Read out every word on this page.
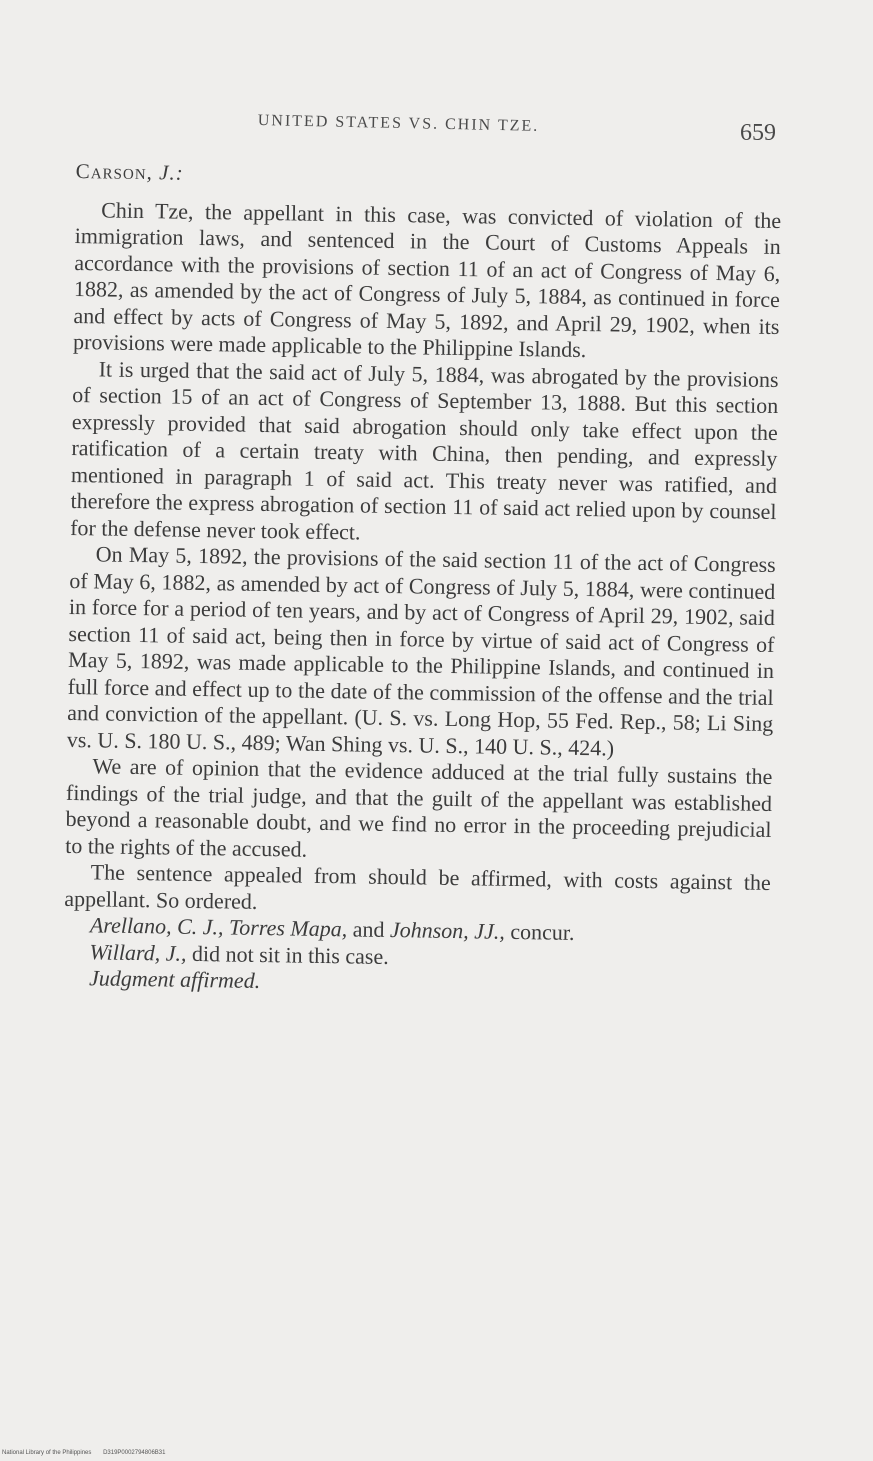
UNITED STATES VS. CHIN TZE.	659
Carson, J.:

Chin Tze, the appellant in this case, was convicted of violation of the immigration laws, and sentenced in the Court of Customs Appeals in accordance with the provisions of section 11 of an act of Congress of May 6, 1882, as amended by the act of Congress of July 5, 1884, as continued in force and effect by acts of Congress of May 5, 1892, and April 29, 1902, when its provisions were made applicable to the Philippine Islands.

It is urged that the said act of July 5, 1884, was abrogated by the provisions of section 15 of an act of Congress of September 13, 1888. But this section expressly provided that said abrogation should only take effect upon the ratification of a certain treaty with China, then pending, and expressly mentioned in paragraph 1 of said act. This treaty never was ratified, and therefore the express abrogation of section 11 of said act relied upon by counsel for the defense never took effect.

On May 5, 1892, the provisions of the said section 11 of the act of Congress of May 6, 1882, as amended by act of Congress of July 5, 1884, were continued in force for a period of ten years, and by act of Congress of April 29, 1902, said section 11 of said act, being then in force by virtue of said act of Congress of May 5, 1892, was made applicable to the Philippine Islands, and continued in full force and effect up to the date of the commission of the offense and the trial and conviction of the appellant. (U. S. vs. Long Hop, 55 Fed. Rep., 58; Li Sing vs. U. S. 180 U. S., 489; Wan Shing vs. U. S., 140 U. S., 424.)

We are of opinion that the evidence adduced at the trial fully sustains the findings of the trial judge, and that the guilt of the appellant was established beyond a reasonable doubt, and we find no error in the proceeding prejudicial to the rights of the accused.

The sentence appealed from should be affirmed, with costs against the appellant. So ordered.

Arellano, C. J., Torres Mapa, and Johnson, JJ., concur.

Willard, J., did not sit in this case.

Judgment affirmed.

National Library of the Philippines D319P0002794806B31
